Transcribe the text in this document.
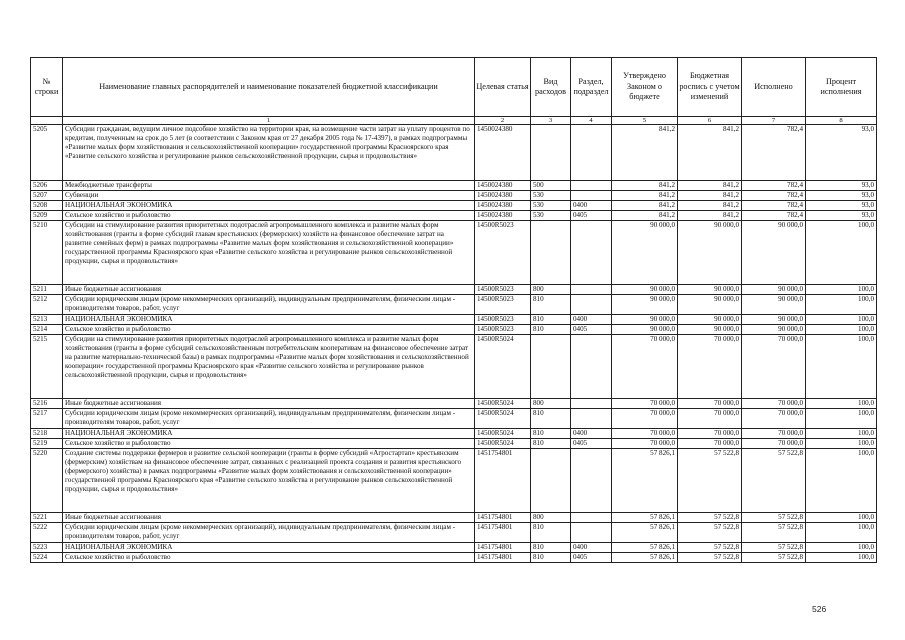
№ строки	Наименование главных распорядителей и наименование показателей бюджетной классификации	Целевая статья	Вид расходов	Раздел, подраздел	Утверждено Законом о бюджете	Бюджетная роспись с учетом изменений	Исполнено	Процент исполнения
	1	2	3	4	5	6	7	8
5205	Субсидии гражданам, ведущим личное подсобное хозяйство на территории края, на возмещение части затрат на уплату процентов по кредитам, полученным на срок до 5 лет (в соответствии с Законом края от 27 декабря 2005 года № 17-4397), в рамках подпрограммы «Развитие малых форм хозяйствования и сельскохозяйственной кооперации» государственной программы Красноярского края «Развитие сельского хозяйства и регулирование рынков сельскохозяйственной продукции, сырья и продовольствия»	1450024380			841,2	841,2	782,4	93,0
5206	Межбюджетные трансферты	1450024380	500		841,2	841,2	782,4	93,0
5207	Субвенции	1450024380	530		841,2	841,2	782,4	93,0
5208	НАЦИОНАЛЬНАЯ ЭКОНОМИКА	1450024380	530	0400	841,2	841,2	782,4	93,0
5209	Сельское хозяйство и рыболовство	1450024380	530	0405	841,2	841,2	782,4	93,0
5210	Субсидии на стимулирование развития приоритетных подотраслей агропромышленного комплекса и развитие малых форм хозяйствования (гранты в форме субсидий главам крестьянских (фермерских) хозяйств на финансовое обеспечение затрат на развитие семейных ферм) в рамках подпрограммы «Развитие малых форм хозяйствования и сельскохозяйственной кооперации» государственной программы Красноярского края «Развитие сельского хозяйства и регулирование рынков сельскохозяйственной продукции, сырья и продовольствия»	14500R5023			90 000,0	90 000,0	90 000,0	100,0
5211	Иные бюджетные ассигнования	14500R5023	800		90 000,0	90 000,0	90 000,0	100,0
5212	Субсидии юридическим лицам (кроме некоммерческих организаций), индивидуальным предпринимателям, физическим лицам - производителям товаров, работ, услуг	14500R5023	810		90 000,0	90 000,0	90 000,0	100,0
5213	НАЦИОНАЛЬНАЯ ЭКОНОМИКА	14500R5023	810	0400	90 000,0	90 000,0	90 000,0	100,0
5214	Сельское хозяйство и рыболовство	14500R5023	810	0405	90 000,0	90 000,0	90 000,0	100,0
5215	Субсидии на стимулирование развития приоритетных подотраслей агропромышленного комплекса и развитие малых форм хозяйствования (гранты в форме субсидий сельскохозяйственным потребительским кооперативам на финансовое обеспечение затрат на развитие материально-технической базы) в рамках подпрограммы «Развитие малых форм хозяйствования и сельскохозяйственной кооперации» государственной программы Красноярского края «Развитие сельского хозяйства и регулирование рынков сельскохозяйственной продукции, сырья и продовольствия»	14500R5024			70 000,0	70 000,0	70 000,0	100,0
5216	Иные бюджетные ассигнования	14500R5024	800		70 000,0	70 000,0	70 000,0	100,0
5217	Субсидии юридическим лицам (кроме некоммерческих организаций), индивидуальным предпринимателям, физическим лицам - производителям товаров, работ, услуг	14500R5024	810		70 000,0	70 000,0	70 000,0	100,0
5218	НАЦИОНАЛЬНАЯ ЭКОНОМИКА	14500R5024	810	0400	70 000,0	70 000,0	70 000,0	100,0
5219	Сельское хозяйство и рыболовство	14500R5024	810	0405	70 000,0	70 000,0	70 000,0	100,0
5220	Создание системы поддержки фермеров и развитие сельской кооперации (гранты в форме субсидий «Агростартап» крестьянским (фермерским) хозяйствам на финансовое обеспечение затрат, связанных с реализацией проекта создания и развития крестьянского (фермерского) хозяйства) в рамках подпрограммы «Развитие малых форм хозяйствования и сельскохозяйственной кооперации» государственной программы Красноярского края «Развитие сельского хозяйства и регулирование рынков сельскохозяйственной продукции, сырья и продовольствия»	1451754801			57 826,1	57 522,8	57 522,8	100,0
5221	Иные бюджетные ассигнования	1451754801	800		57 826,1	57 522,8	57 522,8	100,0
5222	Субсидии юридическим лицам (кроме некоммерческих организаций), индивидуальным предпринимателям, физическим лицам - производителям товаров, работ, услуг	1451754801	810		57 826,1	57 522,8	57 522,8	100,0
5223	НАЦИОНАЛЬНАЯ ЭКОНОМИКА	1451754801	810	0400	57 826,1	57 522,8	57 522,8	100,0
5224	Сельское хозяйство и рыболовство	1451754801	810	0405	57 826,1	57 522,8	57 522,8	100,0
526
